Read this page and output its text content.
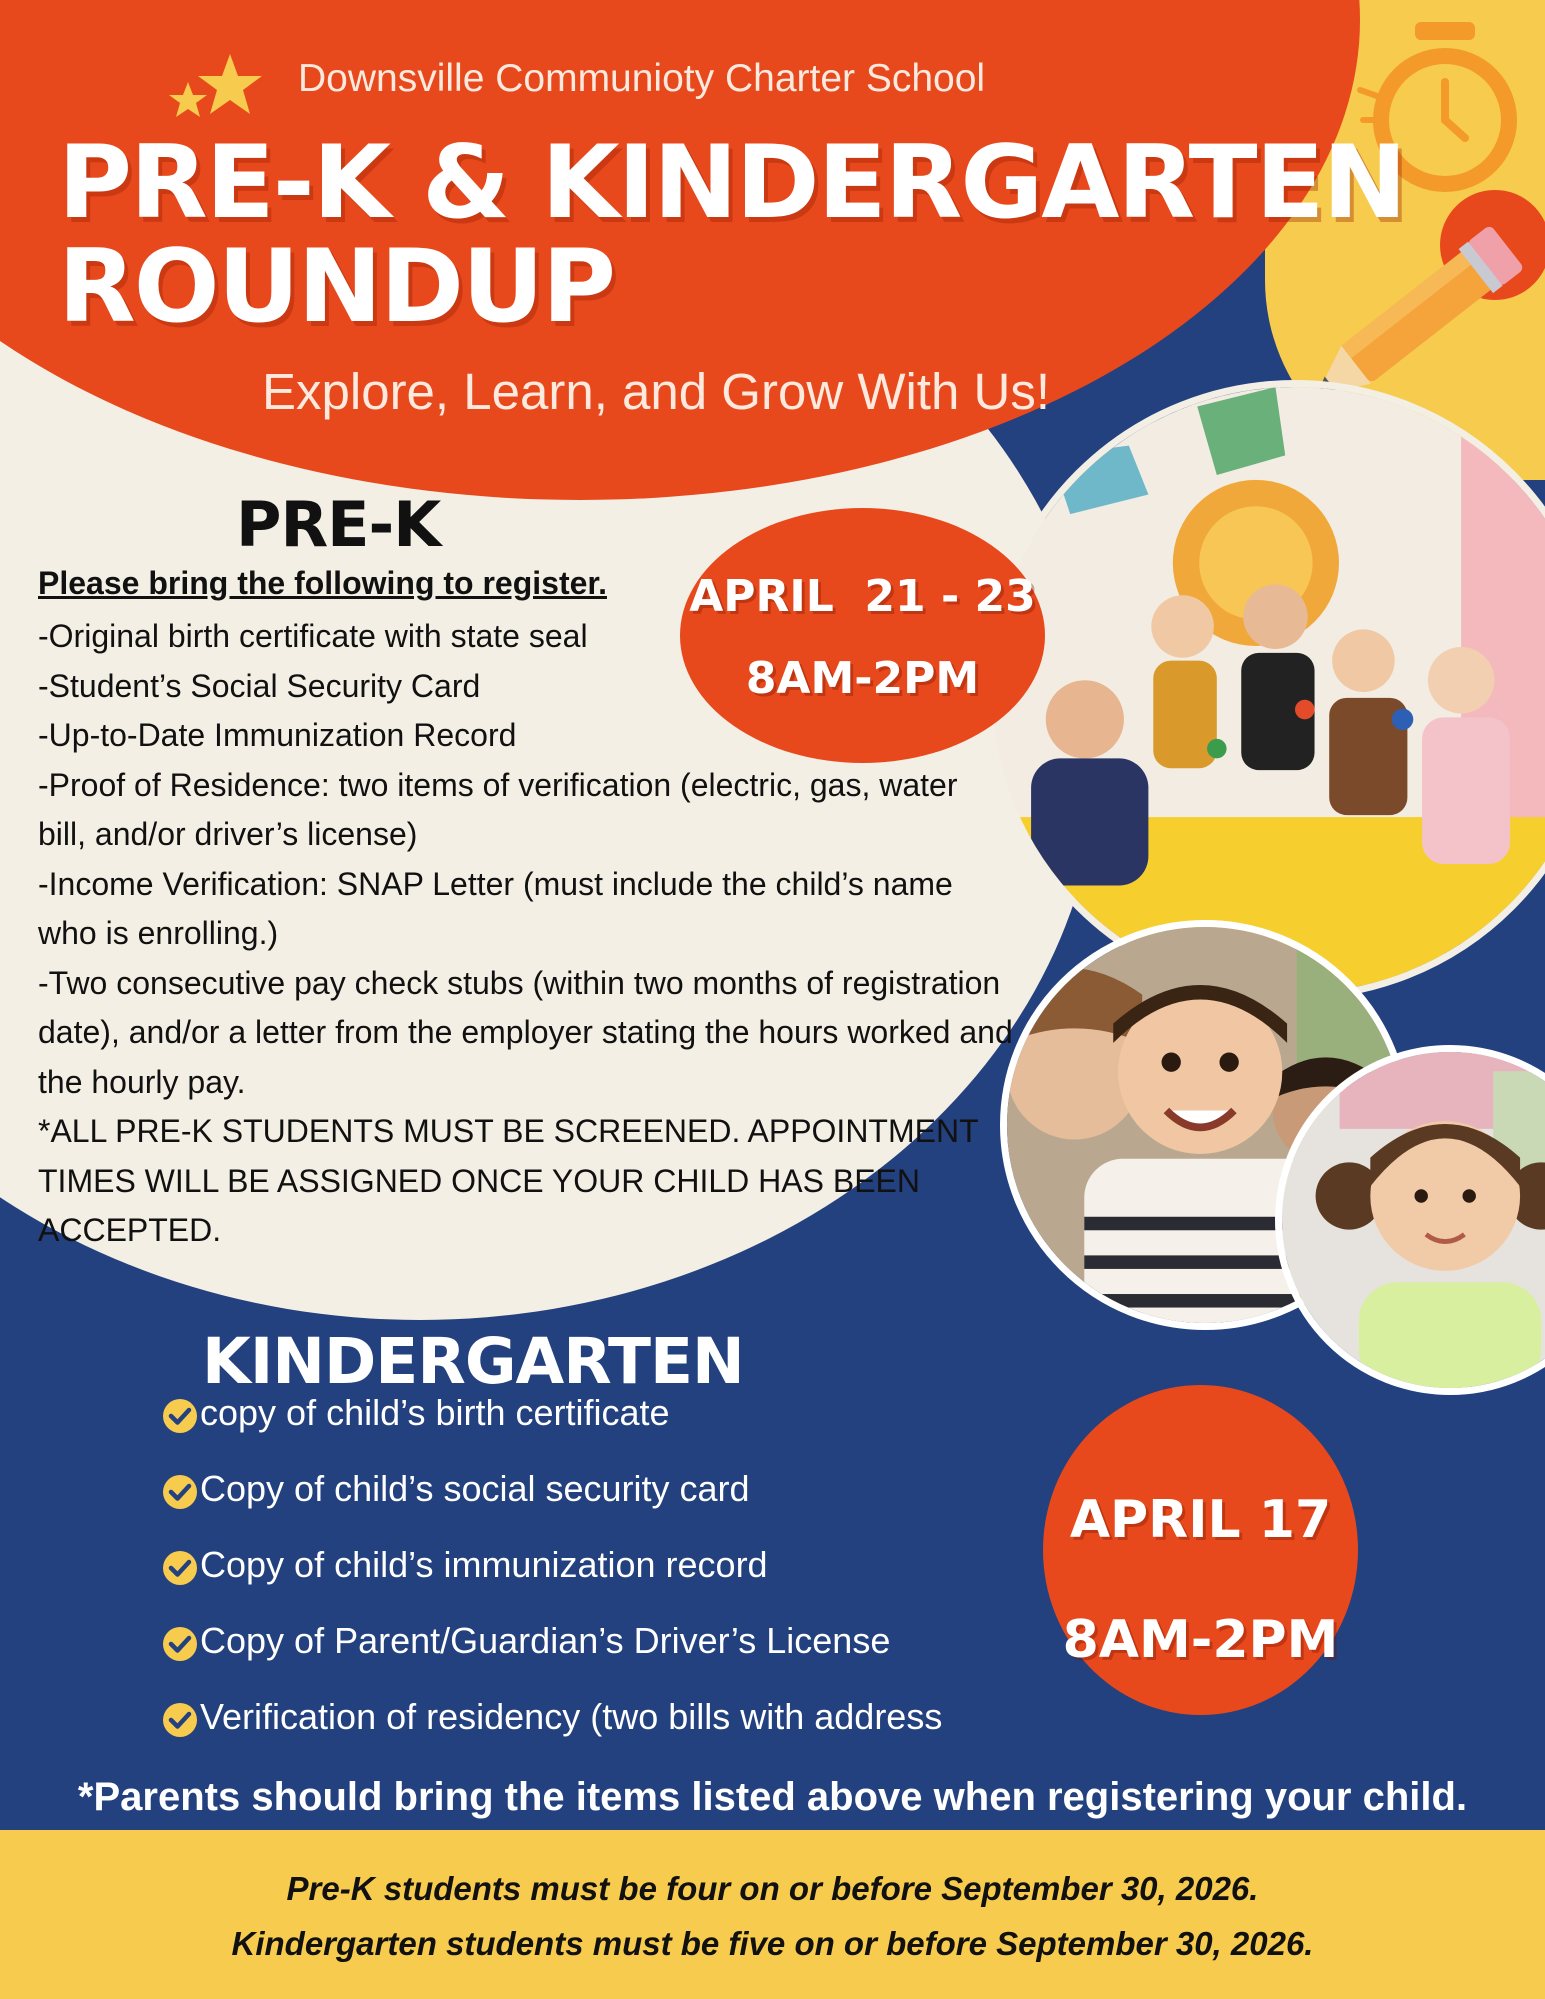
Downsville Communioty Charter School
PRE-K & KINDERGARTEN
ROUNDUP
Explore, Learn, and Grow With Us!
PRE-K
Please bring the following to register.
-Original birth certificate with state seal
-Student’s Social Security Card
-Up-to-Date Immunization Record
-Proof of Residence: two items of verification (electric, gas, water bill, and/or driver’s license)
-Income Verification: SNAP Letter (must include the child’s name who is enrolling.)
-Two consecutive pay check stubs (within two months of registration date), and/or a letter from the employer stating the hours worked and the hourly pay.
*ALL PRE-K STUDENTS MUST BE SCREENED. APPOINTMENT TIMES WILL BE ASSIGNED ONCE YOUR CHILD HAS BEEN ACCEPTED.
APRIL  21 - 23
8AM-2PM
KINDERGARTEN
copy of child’s birth certificate
Copy of child’s social security card
Copy of child’s immunization record
Copy of Parent/Guardian’s Driver’s License
Verification of residency (two bills with address
APRIL 17
8AM-2PM
*Parents should bring the items listed above when registering your child.

Pre-K students must be four on or before September 30, 2026.

Kindergarten students must be five on or before September 30, 2026.
